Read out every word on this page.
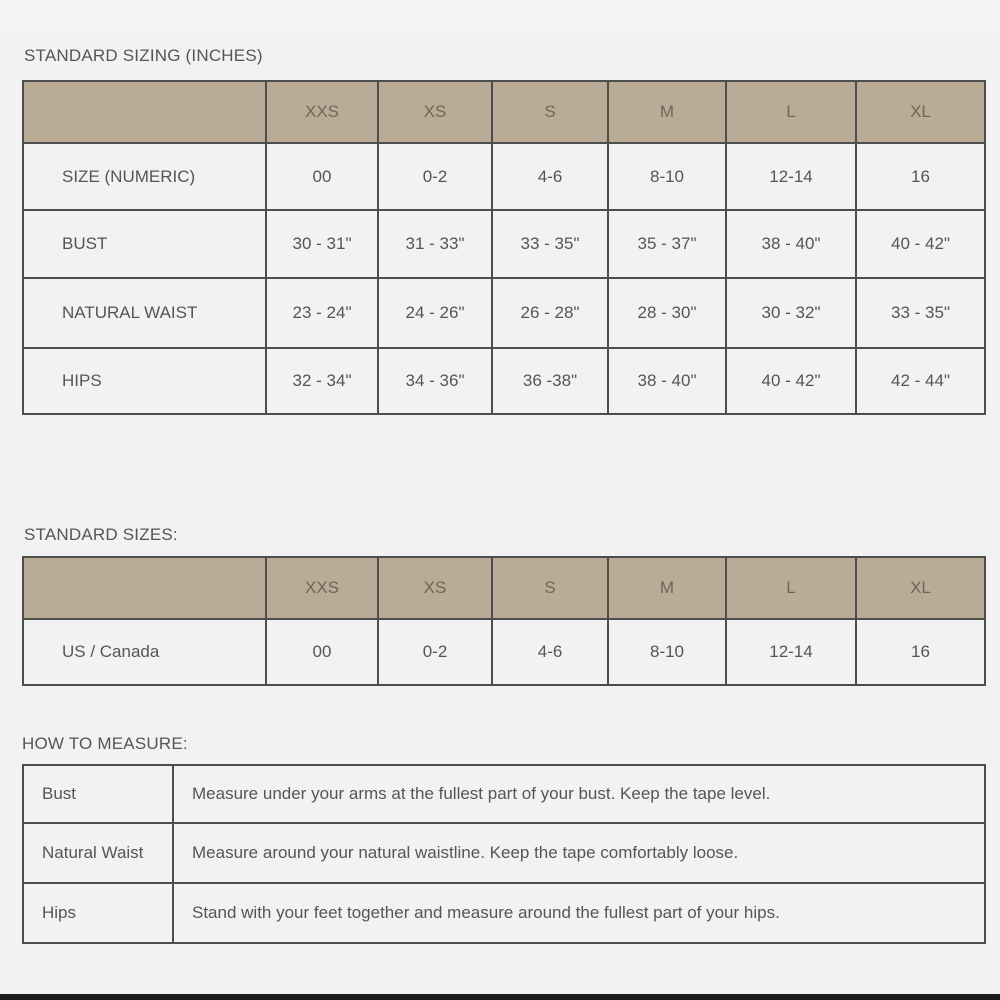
STANDARD SIZING (INCHES)
	XXS	XS	S	M	L	XL
SIZE (NUMERIC)	00	0-2	4-6	8-10	12-14	16
BUST	30 - 31"	31 - 33"	33 - 35"	35 - 37"	38 - 40"	40 - 42"
NATURAL WAIST	23 - 24"	24 - 26"	26 - 28"	28 - 30"	30 - 32"	33 - 35"
HIPS	32 - 34"	34 - 36"	36 -38"	38 - 40"	40 - 42"	42 - 44"
STANDARD SIZES:
	XXS	XS	S	M	L	XL
US / Canada	00	0-2	4-6	8-10	12-14	16
HOW TO MEASURE:
Bust	Measure under your arms at the fullest part of your bust. Keep the tape level.
Natural Waist	Measure around your natural waistline. Keep the tape comfortably loose.
Hips	Stand with your feet together and measure around the fullest part of your hips.
